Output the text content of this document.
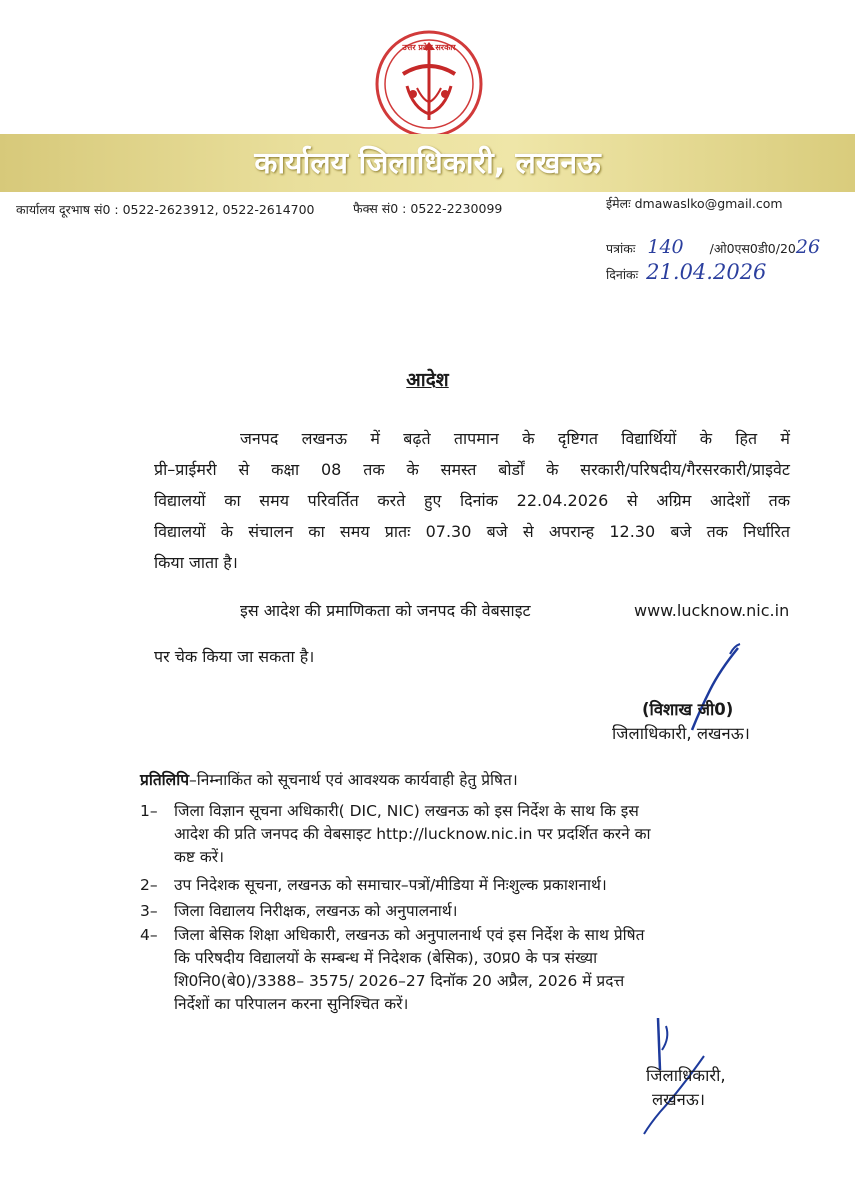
उत्तर प्रदेश सरकार
कार्यालय जिलाधिकारी, लखनऊ
कार्यालय दूरभाष सं0 : 0522-2623912, 0522-2614700	फैक्स सं0 : 0522-2230099	ईमेलः dmawaslko@gmail.com
पत्रांकः 140 /ओ0एस0डी0/2026
दिनांकः 21.04.2026
आदेश
जनपद लखनऊ में बढ़ते तापमान के दृष्टिगत विद्यार्थियों के हित में
प्री–प्राईमरी से कक्षा 08 तक के समस्त बोर्डों के सरकारी/परिषदीय/गैरसरकारी/प्राइवेट
विद्यालयों का समय परिवर्तित करते हुए दिनांक 22.04.2026 से अग्रिम आदेशों तक
विद्यालयों के संचालन का समय प्रातः 07.30 बजे से अपरान्ह 12.30 बजे तक निर्धारित
किया जाता है।
इस आदेश की प्रमाणिकता को जनपद की वेबसाइट	www.lucknow.nic.in
पर चेक किया जा सकता है।
(विशाख जी0)
जिलाधिकारी, लखनऊ।
प्रतिलिपि–निम्नाकिंत को सूचनार्थ एवं आवश्यक कार्यवाही हेतु प्रेषित।
1– जिला विज्ञान सूचना अधिकारी( DIC, NIC) लखनऊ को इस निर्देश के साथ कि इस
आदेश की प्रति जनपद की वेबसाइट http://lucknow.nic.in पर प्रदर्शित करने का
कष्ट करें।
2– उप निदेशक सूचना, लखनऊ को समाचार–पत्रों/मीडिया में निःशुल्क प्रकाशनार्थ।
3– जिला विद्यालय निरीक्षक, लखनऊ को अनुपालनार्थ।
4– जिला बेसिक शिक्षा अधिकारी, लखनऊ को अनुपालनार्थ एवं इस निर्देश के साथ प्रेषित
कि परिषदीय विद्यालयों के सम्बन्ध में निदेशक (बेसिक), उ0प्र0 के पत्र संख्या
शि0नि0(बे0)/3388– 3575/ 2026–27 दिनॉक 20 अप्रैल, 2026 में प्रदत्त
निर्देशों का परिपालन करना सुनिश्चित करें।
जिलाधिकारी,
लखनऊ।
